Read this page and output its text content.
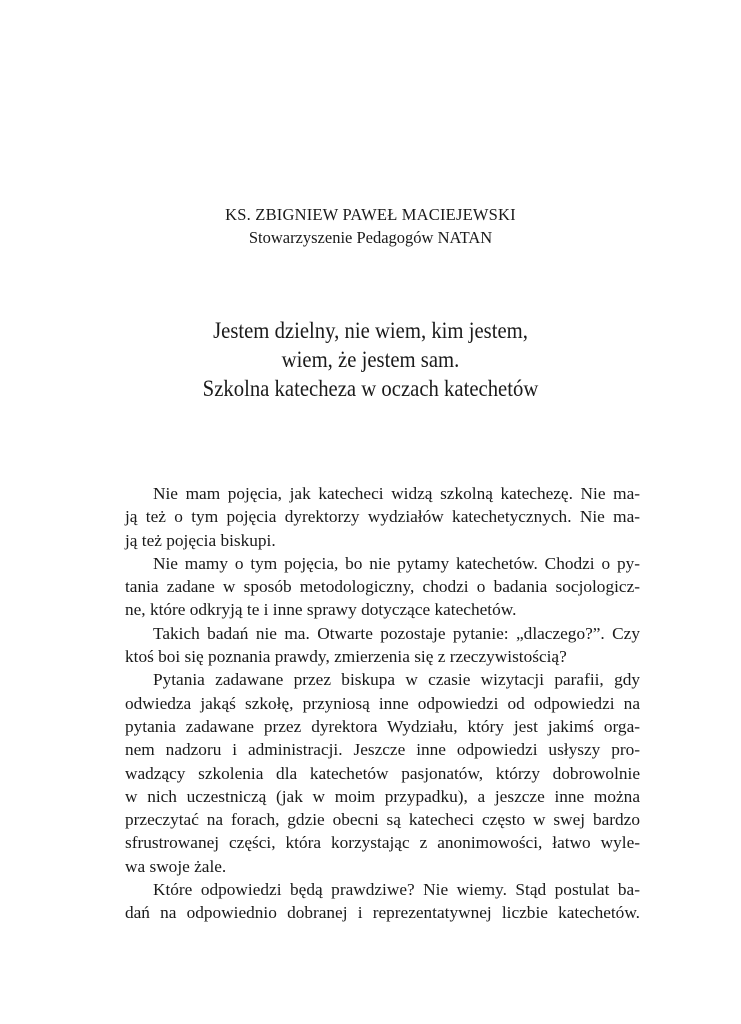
KS. ZBIGNIEW PAWEŁ MACIEJEWSKI
Stowarzyszenie Pedagogów NATAN
Jestem dzielny, nie wiem, kim jestem,
wiem, że jestem sam.
Szkolna katecheza w oczach katechetów
Nie mam pojęcia, jak katecheci widzą szkolną katechezę. Nie ma-
ją też o tym pojęcia dyrektorzy wydziałów katechetycznych. Nie ma-
ją też pojęcia biskupi.
Nie mamy o tym pojęcia, bo nie pytamy katechetów. Chodzi o py-
tania zadane w sposób metodologiczny, chodzi o badania socjologicz-
ne, które odkryją te i inne sprawy dotyczące katechetów.
Takich badań nie ma. Otwarte pozostaje pytanie: „dlaczego?”. Czy
ktoś boi się poznania prawdy, zmierzenia się z rzeczywistością?
Pytania zadawane przez biskupa w czasie wizytacji parafii, gdy
odwiedza jakąś szkołę, przyniosą inne odpowiedzi od odpowiedzi na
pytania zadawane przez dyrektora Wydziału, który jest jakimś orga-
nem nadzoru i administracji. Jeszcze inne odpowiedzi usłyszy pro-
wadzący szkolenia dla katechetów pasjonatów, którzy dobrowolnie
w nich uczestniczą (jak w moim przypadku), a jeszcze inne można
przeczytać na forach, gdzie obecni są katecheci często w swej bardzo
sfrustrowanej części, która korzystając z anonimowości, łatwo wyle-
wa swoje żale.
Które odpowiedzi będą prawdziwe? Nie wiemy. Stąd postulat ba-
dań na odpowiednio dobranej i reprezentatywnej liczbie katechetów.
